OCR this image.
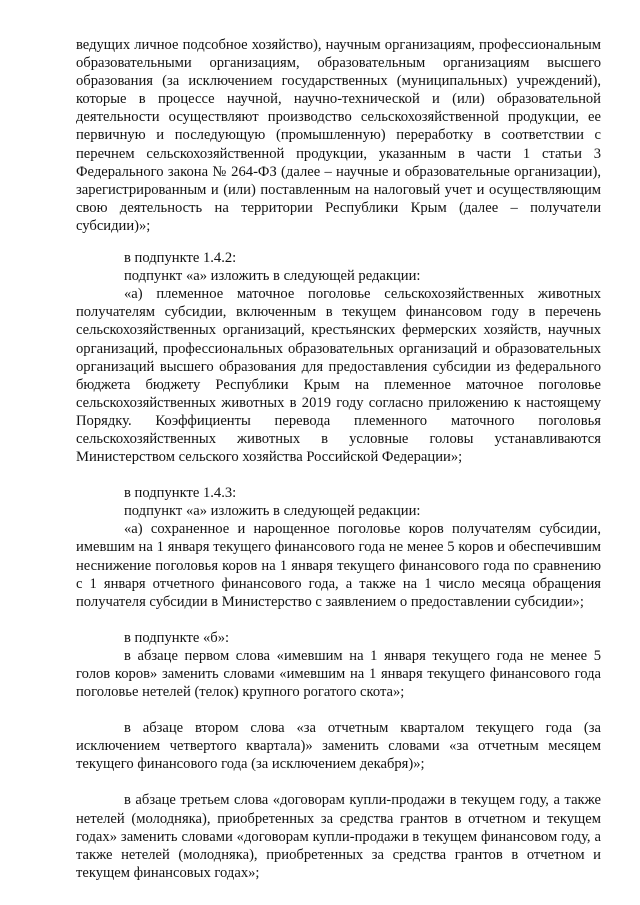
ведущих личное подсобное хозяйство), научным организациям, профессиональным образовательными организациям, образовательным организациям высшего образования (за исключением государственных (муниципальных) учреждений), которые в процессе научной, научно-технической и (или) образовательной деятельности осуществляют производство сельскохозяйственной продукции, ее первичную и последующую (промышленную) переработку в соответствии с перечнем сельскохозяйственной продукции, указанным в части 1 статьи 3 Федерального закона № 264-ФЗ (далее – научные и образовательные организации), зарегистрированным и (или) поставленным на налоговый учет и осуществляющим свою деятельность на территории Республики Крым (далее – получатели субсидии)»;

в подпункте 1.4.2:

подпункт «а» изложить в следующей редакции:

«а) племенное маточное поголовье сельскохозяйственных животных получателям субсидии, включенным в текущем финансовом году в перечень сельскохозяйственных организаций, крестьянских фермерских хозяйств, научных организаций, профессиональных образовательных организаций и образовательных организаций высшего образования для предоставления субсидии из федерального бюджета бюджету Республики Крым на племенное маточное поголовье сельскохозяйственных животных в 2019 году согласно приложению к настоящему Порядку. Коэффициенты перевода племенного маточного поголовья сельскохозяйственных животных в условные головы устанавливаются Министерством сельского хозяйства Российской Федерации»;

в подпункте 1.4.3:

подпункт «а» изложить в следующей редакции:

«а) сохраненное и нарощенное поголовье коров получателям субсидии, имевшим на 1 января текущего финансового года не менее 5 коров и обеспечившим неснижение поголовья коров на 1 января текущего финансового года по сравнению с 1 января отчетного финансового года, а также на 1 число месяца обращения получателя субсидии в Министерство с заявлением о предоставлении субсидии»;

в подпункте «б»:

в абзаце первом слова «имевшим на 1 января текущего года не менее 5 голов коров» заменить словами «имевшим на 1 января текущего финансового года поголовье нетелей (телок) крупного рогатого скота»;

в абзаце втором слова «за отчетным кварталом текущего года (за исключением четвертого квартала)» заменить словами «за отчетным месяцем текущего финансового года (за исключением декабря)»;

в абзаце третьем слова «договорам купли-продажи в текущем году, а также нетелей (молодняка), приобретенных за средства грантов в отчетном и текущем годах» заменить словами «договорам купли-продажи в текущем финансовом году, а также нетелей (молодняка), приобретенных за средства грантов в отчетном и текущем финансовых годах»;
